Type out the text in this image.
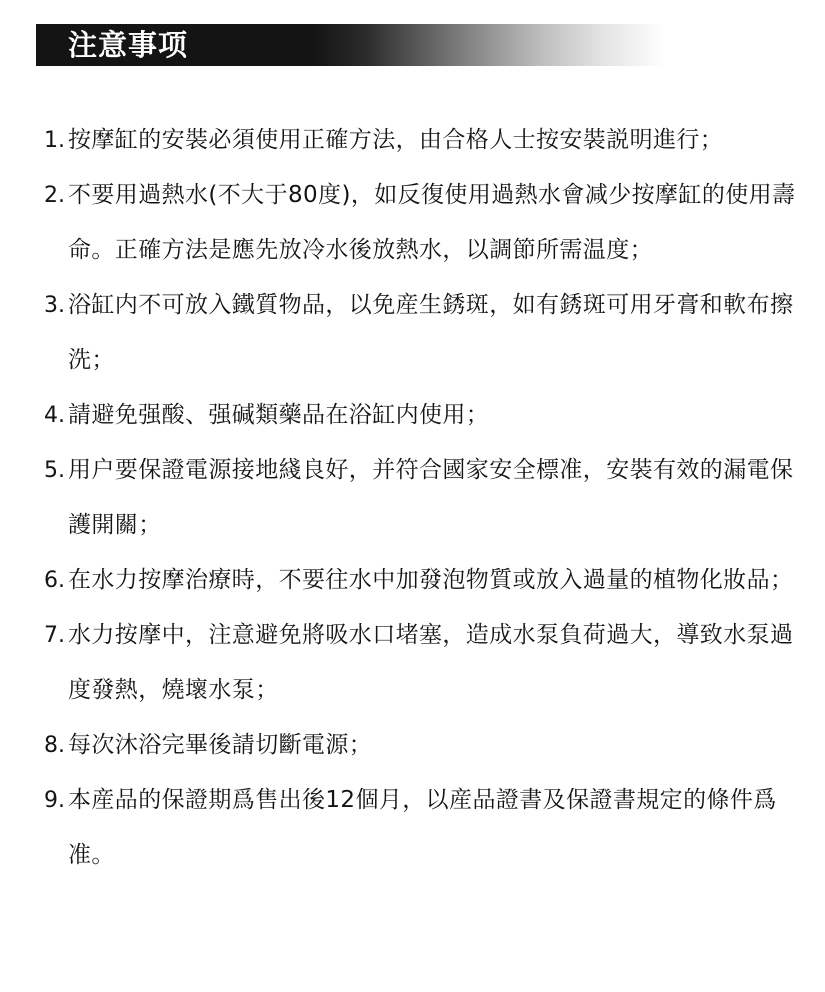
注意事项
1. 按摩缸的安裝必須使用正確方法，由合格人士按安裝説明進行；
2. 不要用過熱水(不大于80度)，如反復使用過熱水會减少按摩缸的使用壽命。正確方法是應先放冷水後放熱水，以調節所需温度；
3. 浴缸内不可放入鐵質物品，以免産生銹斑，如有銹斑可用牙膏和軟布擦洗；
4. 請避免强酸、强碱類藥品在浴缸内使用；
5. 用户要保證電源接地綫良好，并符合國家安全標准，安裝有效的漏電保護開關；
6. 在水力按摩治療時，不要往水中加發泡物質或放入過量的植物化妝品；
7. 水力按摩中，注意避免將吸水口堵塞，造成水泵負荷過大，導致水泵過度發熱，燒壞水泵；
8. 每次沐浴完畢後請切斷電源；
9. 本産品的保證期爲售出後12個月，以産品證書及保證書規定的條件爲准。
